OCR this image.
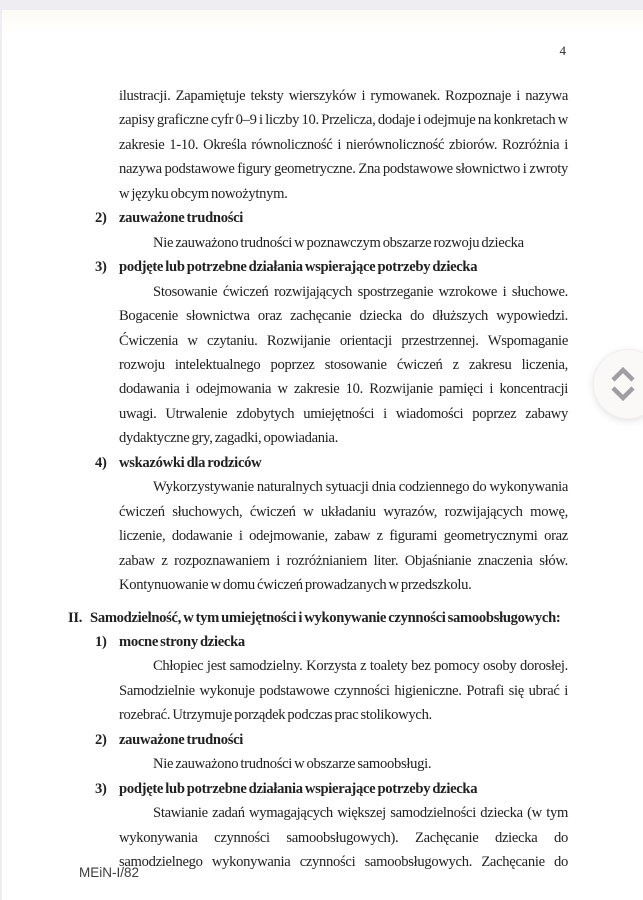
4

ilustracji. Zapamiętuje teksty wierszyków i rymowanek. Rozpoznaje i nazywa zapisy graficzne cyfr 0–9 i liczby 10. Przelicza, dodaje i odejmuje na konkretach w zakresie 1-10. Określa równoliczność i nierównoliczność zbiorów. Rozróżnia i nazywa podstawowe figury geometryczne. Zna podstawowe słownictwo i zwroty w języku obcym nowożytnym.

2) zauważone trudności

Nie zauważono trudności w poznawczym obszarze rozwoju dziecka

3) podjęte lub potrzebne działania wspierające potrzeby dziecka

Stosowanie ćwiczeń rozwijających spostrzeganie wzrokowe i słuchowe. Bogacenie słownictwa oraz zachęcanie dziecka do dłuższych wypowiedzi. Ćwiczenia w czytaniu. Rozwijanie orientacji przestrzennej. Wspomaganie rozwoju intelektualnego poprzez stosowanie ćwiczeń z zakresu liczenia, dodawania i odejmowania w zakresie 10. Rozwijanie pamięci i koncentracji uwagi. Utrwalenie zdobytych umiejętności i wiadomości poprzez zabawy dydaktyczne gry, zagadki, opowiadania.

4) wskazówki dla rodziców

Wykorzystywanie naturalnych sytuacji dnia codziennego do wykonywania ćwiczeń słuchowych, ćwiczeń w układaniu wyrazów, rozwijających mowę, liczenie, dodawanie i odejmowanie, zabaw z figurami geometrycznymi oraz zabaw z rozpoznawaniem i rozróżnianiem liter. Objaśnianie znaczenia słów. Kontynuowanie w domu ćwiczeń prowadzanych w przedszkolu.

II. Samodzielność, w tym umiejętności i wykonywanie czynności samoobsługowych:
1) mocne strony dziecka

Chłopiec jest samodzielny. Korzysta z toalety bez pomocy osoby dorosłej. Samodzielnie wykonuje podstawowe czynności higieniczne. Potrafi się ubrać i rozebrać. Utrzymuje porządek podczas prac stolikowych.

2) zauważone trudności

Nie zauważono trudności w obszarze samoobsługi.

3) podjęte lub potrzebne działania wspierające potrzeby dziecka

Stawianie zadań wymagających większej samodzielności dziecka (w tym wykonywania czynności samoobsługowych). Zachęcanie dziecka do samodzielnego wykonywania czynności samoobsługowych. Zachęcanie do

MEiN-I/82
